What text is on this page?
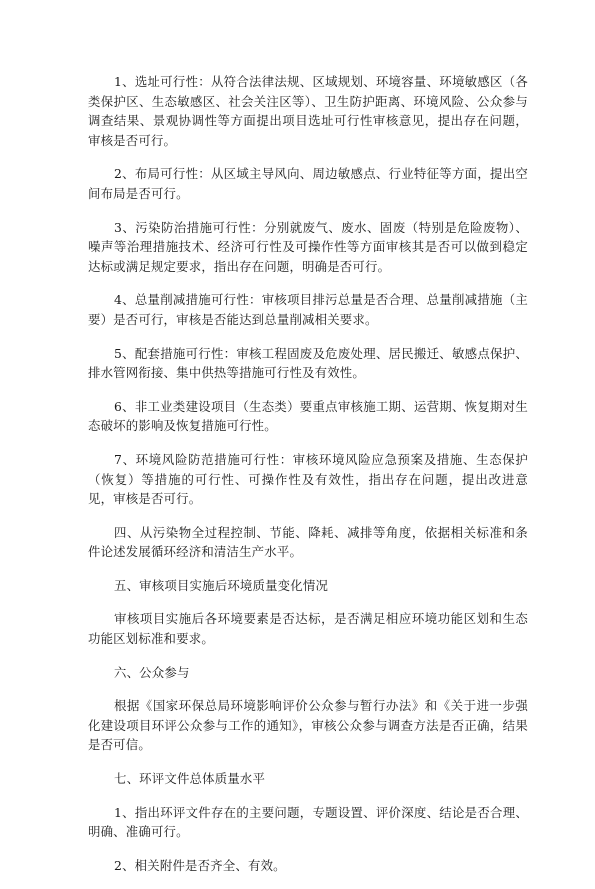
1、选址可行性：从符合法律法规、区域规划、环境容量、环境敏感区（各类保护区、生态敏感区、社会关注区等）、卫生防护距离、环境风险、公众参与调查结果、景观协调性等方面提出项目选址可行性审核意见，提出存在问题，审核是否可行。

2、布局可行性：从区域主导风向、周边敏感点、行业特征等方面，提出空间布局是否可行。

3、污染防治措施可行性：分别就废气、废水、固废（特别是危险废物）、噪声等治理措施技术、经济可行性及可操作性等方面审核其是否可以做到稳定达标或满足规定要求，指出存在问题，明确是否可行。

4、总量削减措施可行性：审核项目排污总量是否合理、总量削减措施（主要）是否可行，审核是否能达到总量削减相关要求。

5、配套措施可行性：审核工程固废及危废处理、居民搬迁、敏感点保护、排水管网衔接、集中供热等措施可行性及有效性。

6、非工业类建设项目（生态类）要重点审核施工期、运营期、恢复期对生态破坏的影响及恢复措施可行性。

7、环境风险防范措施可行性：审核环境风险应急预案及措施、生态保护（恢复）等措施的可行性、可操作性及有效性，指出存在问题，提出改进意见，审核是否可行。

四、从污染物全过程控制、节能、降耗、减排等角度，依据相关标准和条件论述发展循环经济和清洁生产水平。

五、审核项目实施后环境质量变化情况

审核项目实施后各环境要素是否达标，是否满足相应环境功能区划和生态功能区划标准和要求。

六、公众参与

根据《国家环保总局环境影响评价公众参与暂行办法》和《关于进一步强化建设项目环评公众参与工作的通知》，审核公众参与调查方法是否正确，结果是否可信。

七、环评文件总体质量水平

1、指出环评文件存在的主要问题，专题设置、评价深度、结论是否合理、明确、准确可行。

2、相关附件是否齐全、有效。
